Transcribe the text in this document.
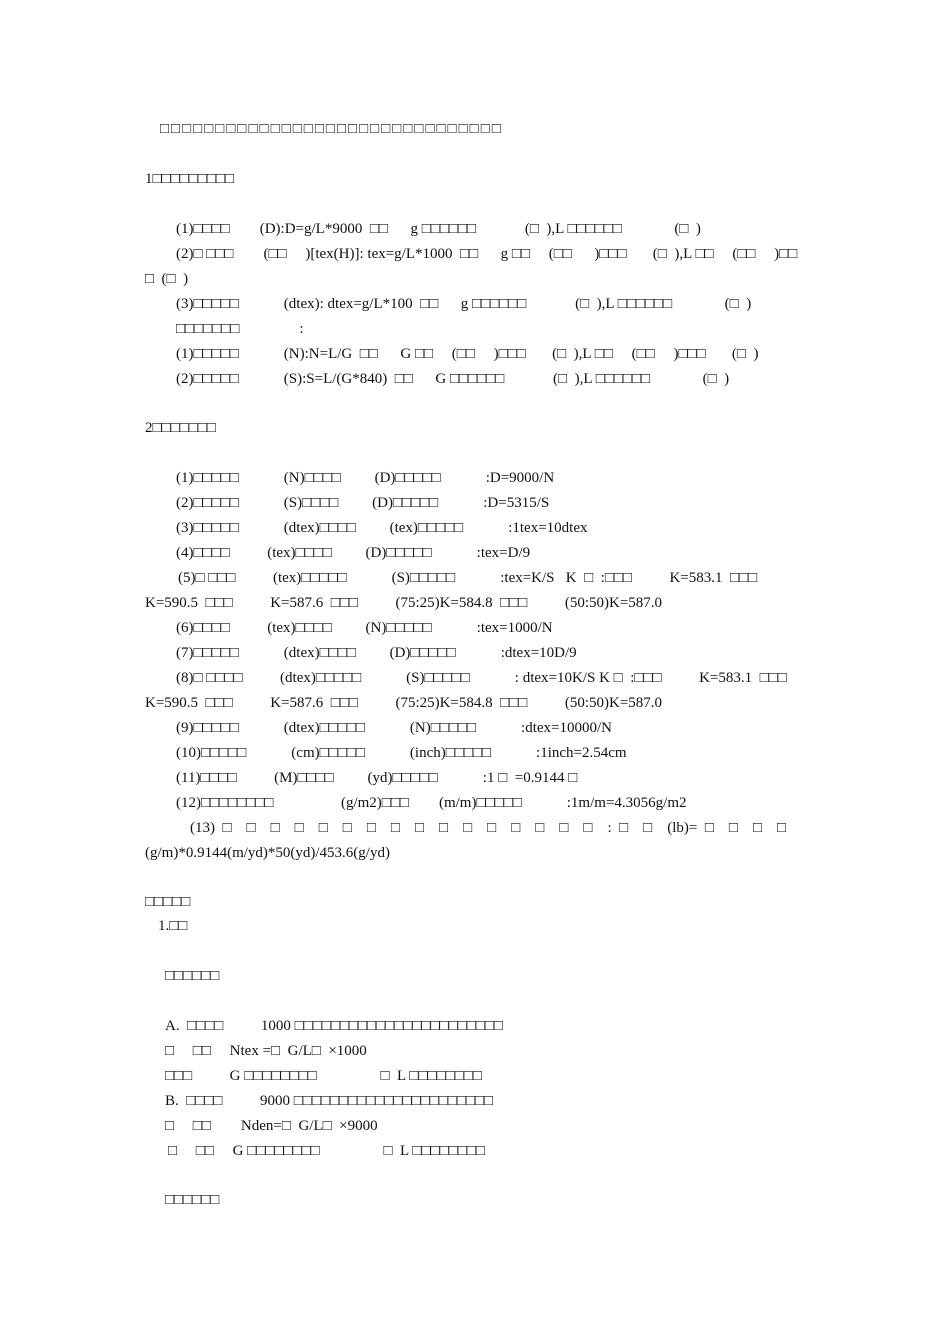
□□□□□□□□□□□□□□□□□□□□□□□□□□□□□□□
1□□□□□□□□□
(1)□□□□        (D):D=g/L*9000  □□      g □□□□□□             (□  ),L □□□□□□              (□  )
(2)□ □□□        (□□     )[tex(H)]: tex=g/L*1000  □□      g □□     (□□      )□□□       (□  ),L □□     (□□     )□□
□  (□  )
(3)□□□□□            (dtex): dtex=g/L*100  □□      g □□□□□□             (□  ),L □□□□□□              (□  )
□□□□□□□                :
(1)□□□□□            (N):N=L/G  □□      G □□     (□□     )□□□       (□  ),L □□     (□□     )□□□       (□  )
(2)□□□□□            (S):S=L/(G*840)  □□      G □□□□□□             (□  ),L □□□□□□              (□  )
2□□□□□□□
(1)□□□□□            (N)□□□□         (D)□□□□□            :D=9000/N
(2)□□□□□            (S)□□□□         (D)□□□□□            :D=5315/S
(3)□□□□□            (dtex)□□□□         (tex)□□□□□            :1tex=10dtex
(4)□□□□          (tex)□□□□         (D)□□□□□            :tex=D/9
(5)□ □□□          (tex)□□□□□            (S)□□□□□            :tex=K/S   K  □  :□□□          K=583.1  □□□
K=590.5  □□□          K=587.6  □□□          (75:25)K=584.8  □□□          (50:50)K=587.0
(6)□□□□          (tex)□□□□         (N)□□□□□            :tex=1000/N
(7)□□□□□            (dtex)□□□□         (D)□□□□□            :dtex=10D/9
(8)□ □□□□          (dtex)□□□□□            (S)□□□□□            : dtex=10K/S K □  :□□□          K=583.1  □□□
K=590.5  □□□          K=587.6  □□□          (75:25)K=584.8  □□□          (50:50)K=587.0
(9)□□□□□            (dtex)□□□□□            (N)□□□□□            :dtex=10000/N
(10)□□□□□            (cm)□□□□□            (inch)□□□□□            :1inch=2.54cm
(11)□□□□          (M)□□□□         (yd)□□□□□            :1 □  =0.9144 □
(12)□□□□□□□□                  (g/m2)□□□        (m/m)□□□□□            :1m/m=4.3056g/m2
(13)  □    □    □    □    □    □    □    □    □    □    □    □    □    □    □    □    :  □    □    (lb)=  □    □    □    □
(g/m)*0.9144(m/yd)*50(yd)/453.6(g/yd)
□□□□□
1.□□
□□□□□□
A.  □□□□          1000 □□□□□□□□□□□□□□□□□□□□□□□
□     □□     Ntex =□  G/L□  ×1000
□□□          G □□□□□□□□                 □  L □□□□□□□□
B.  □□□□          9000 □□□□□□□□□□□□□□□□□□□□□□
□     □□        Nden=□  G/L□  ×9000
□     □□     G □□□□□□□□                 □  L □□□□□□□□
□□□□□□
